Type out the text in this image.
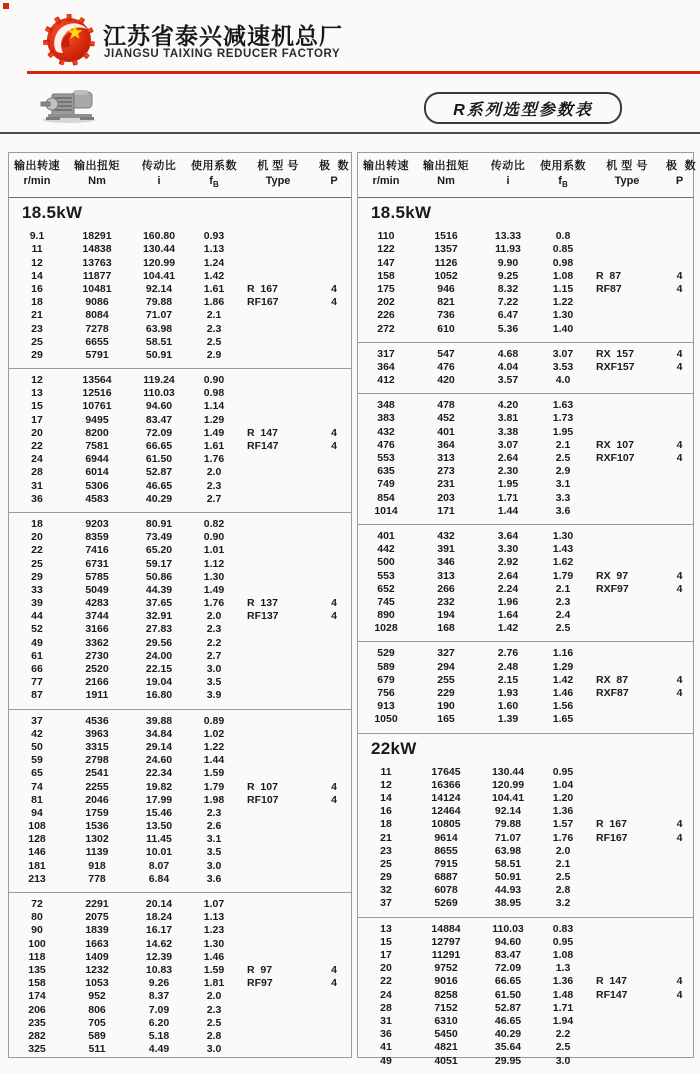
江苏省泰兴减速机总厂
JIANGSU TAIXING REDUCER FACTORY
R系列选型参数表
输出转速	输出扭矩	传动比	使用系数	机 型 号	极  数
r/min	Nm	i	$f_B$	Type	P
18.5kW
9.1	18291	160.80	0.93
11	14838	130.44	1.13
12	13763	120.99	1.24
14	11877	104.41	1.42
16	10481	92.14	1.61	R  167	4
18	9086	79.88	1.86	RF167	4
21	8084	71.07	2.1
23	7278	63.98	2.3
25	6655	58.51	2.5
29	5791	50.91	2.9
12	13564	119.24	0.90
13	12516	110.03	0.98
15	10761	94.60	1.14
17	9495	83.47	1.29
20	8200	72.09	1.49	R  147	4
22	7581	66.65	1.61	RF147	4
24	6944	61.50	1.76
28	6014	52.87	2.0
31	5306	46.65	2.3
36	4583	40.29	2.7
18	9203	80.91	0.82
20	8359	73.49	0.90
22	7416	65.20	1.01
25	6731	59.17	1.12
29	5785	50.86	1.30
33	5049	44.39	1.49
39	4283	37.65	1.76	R  137	4
44	3744	32.91	2.0	RF137	4
52	3166	27.83	2.3
49	3362	29.56	2.2
61	2730	24.00	2.7
66	2520	22.15	3.0
77	2166	19.04	3.5
87	1911	16.80	3.9
37	4536	39.88	0.89
42	3963	34.84	1.02
50	3315	29.14	1.22
59	2798	24.60	1.44
65	2541	22.34	1.59
74	2255	19.82	1.79	R  107	4
81	2046	17.99	1.98	RF107	4
94	1759	15.46	2.3
108	1536	13.50	2.6
128	1302	11.45	3.1
146	1139	10.01	3.5
181	918	8.07	3.0
213	778	6.84	3.6
72	2291	20.14	1.07
80	2075	18.24	1.13
90	1839	16.17	1.23
100	1663	14.62	1.30
118	1409	12.39	1.46
135	1232	10.83	1.59	R  97	4
158	1053	9.26	1.81	RF97	4
174	952	8.37	2.0
206	806	7.09	2.3
235	705	6.20	2.5
282	589	5.18	2.8
325	511	4.49	3.0
输出转速	输出扭矩	传动比	使用系数	机 型 号	极  数
r/min	Nm	i	$f_B$	Type	P
18.5kW
110	1516	13.33	0.8
122	1357	11.93	0.85
147	1126	9.90	0.98
158	1052	9.25	1.08	R  87	4
175	946	8.32	1.15	RF87	4
202	821	7.22	1.22
226	736	6.47	1.30
272	610	5.36	1.40
317	547	4.68	3.07	RX  157	4
364	476	4.04	3.53	RXF157	4
412	420	3.57	4.0
348	478	4.20	1.63
383	452	3.81	1.73
432	401	3.38	1.95
476	364	3.07	2.1	RX  107	4
553	313	2.64	2.5	RXF107	4
635	273	2.30	2.9
749	231	1.95	3.1
854	203	1.71	3.3
1014	171	1.44	3.6
401	432	3.64	1.30
442	391	3.30	1.43
500	346	2.92	1.62
553	313	2.64	1.79	RX  97	4
652	266	2.24	2.1	RXF97	4
745	232	1.96	2.3
890	194	1.64	2.4
1028	168	1.42	2.5
529	327	2.76	1.16
589	294	2.48	1.29
679	255	2.15	1.42	RX  87	4
756	229	1.93	1.46	RXF87	4
913	190	1.60	1.56
1050	165	1.39	1.65
22kW
11	17645	130.44	0.95
12	16366	120.99	1.04
14	14124	104.41	1.20
16	12464	92.14	1.36
18	10805	79.88	1.57	R  167	4
21	9614	71.07	1.76	RF167	4
23	8655	63.98	2.0
25	7915	58.51	2.1
29	6887	50.91	2.5
32	6078	44.93	2.8
37	5269	38.95	3.2
13	14884	110.03	0.83
15	12797	94.60	0.95
17	11291	83.47	1.08
20	9752	72.09	1.3
22	9016	66.65	1.36	R  147	4
24	8258	61.50	1.48	RF147	4
28	7152	52.87	1.71
31	6310	46.65	1.94
36	5450	40.29	2.2
41	4821	35.64	2.5
49	4051	29.95	3.0
